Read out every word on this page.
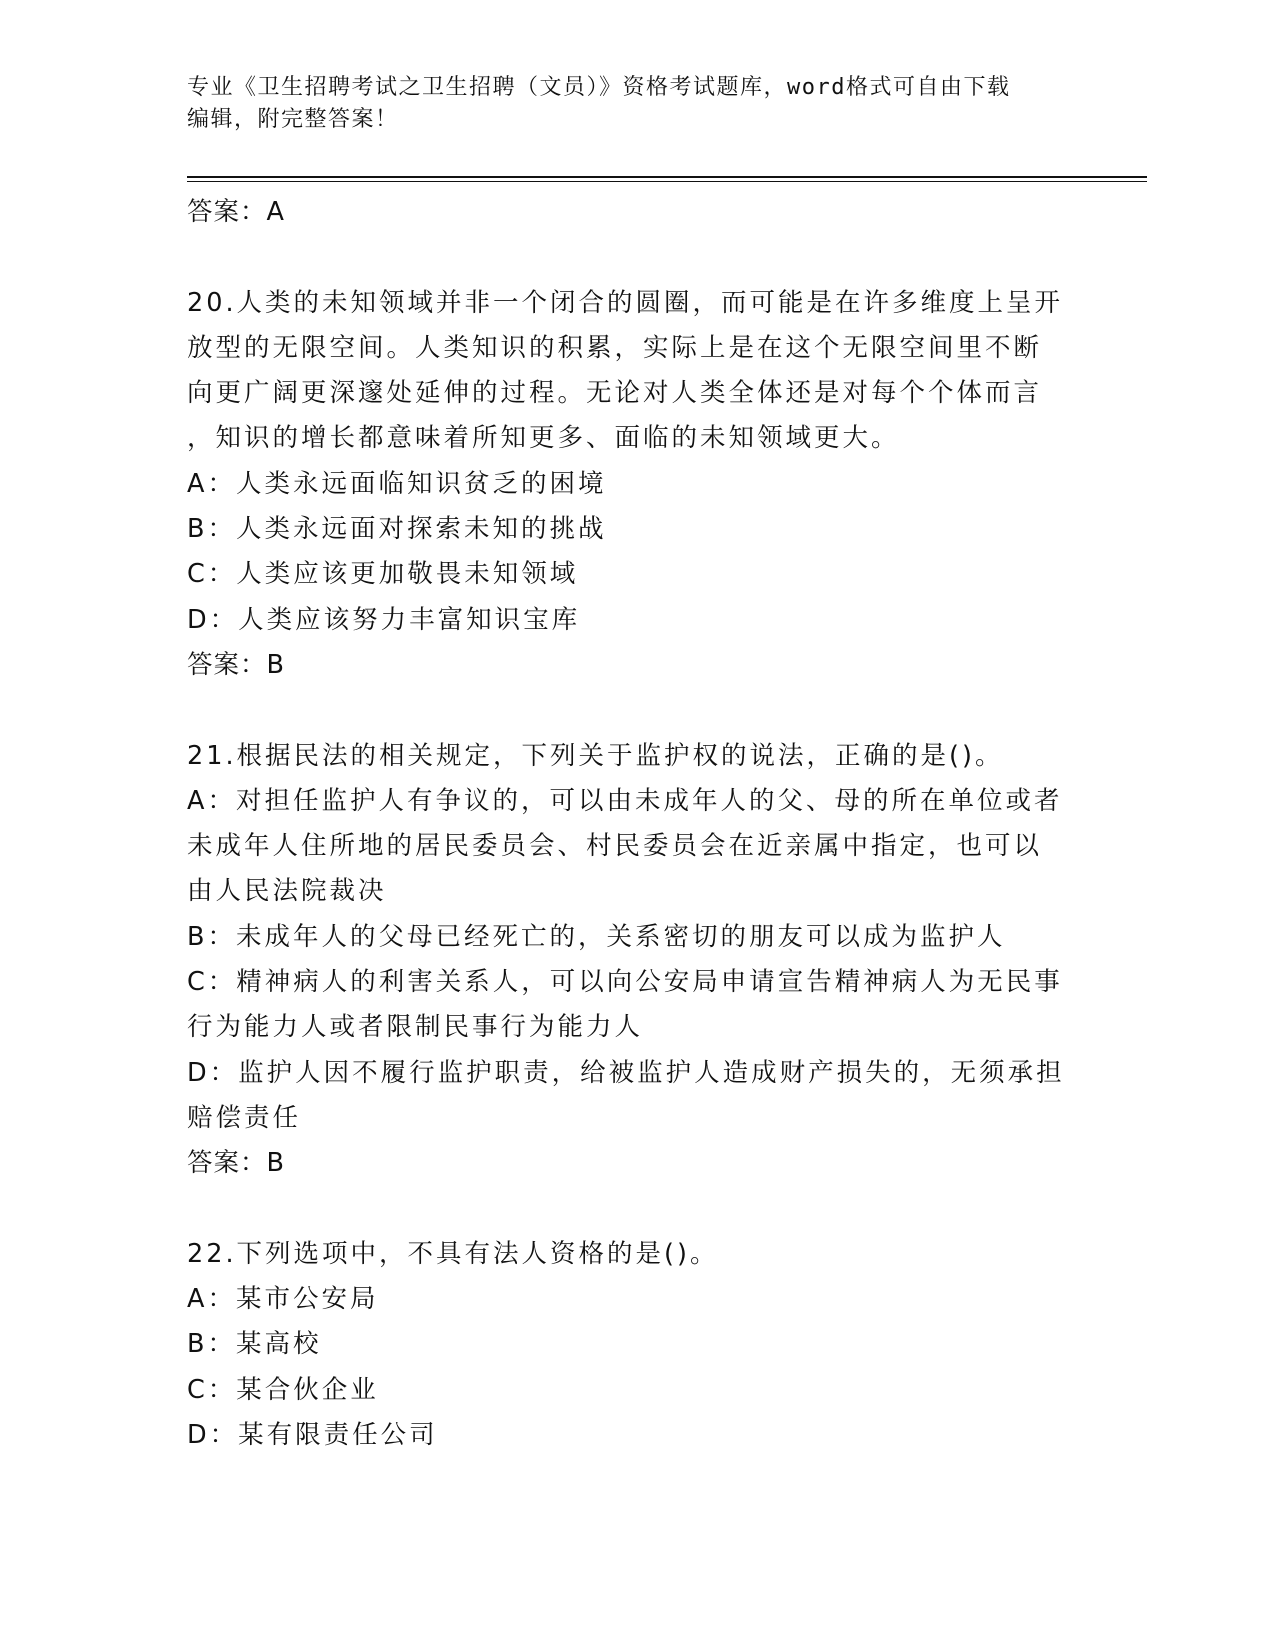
专业《卫生招聘考试之卫生招聘（文员）》资格考试题库，word格式可自由下载
编辑，附完整答案！
答案：A
20.人类的未知领域并非一个闭合的圆圈，而可能是在许多维度上呈开
放型的无限空间。人类知识的积累，实际上是在这个无限空间里不断
向更广阔更深邃处延伸的过程。无论对人类全体还是对每个个体而言
，知识的增长都意味着所知更多、面临的未知领域更大。
A：人类永远面临知识贫乏的困境
B：人类永远面对探索未知的挑战
C：人类应该更加敬畏未知领域
D：人类应该努力丰富知识宝库
答案：B
21.根据民法的相关规定，下列关于监护权的说法，正确的是()。
A：对担任监护人有争议的，可以由未成年人的父、母的所在单位或者
未成年人住所地的居民委员会、村民委员会在近亲属中指定，也可以
由人民法院裁决
B：未成年人的父母已经死亡的，关系密切的朋友可以成为监护人
C：精神病人的利害关系人，可以向公安局申请宣告精神病人为无民事
行为能力人或者限制民事行为能力人
D：监护人因不履行监护职责，给被监护人造成财产损失的，无须承担
赔偿责任
答案：B
22.下列选项中，不具有法人资格的是()。
A：某市公安局
B：某高校
C：某合伙企业
D：某有限责任公司
